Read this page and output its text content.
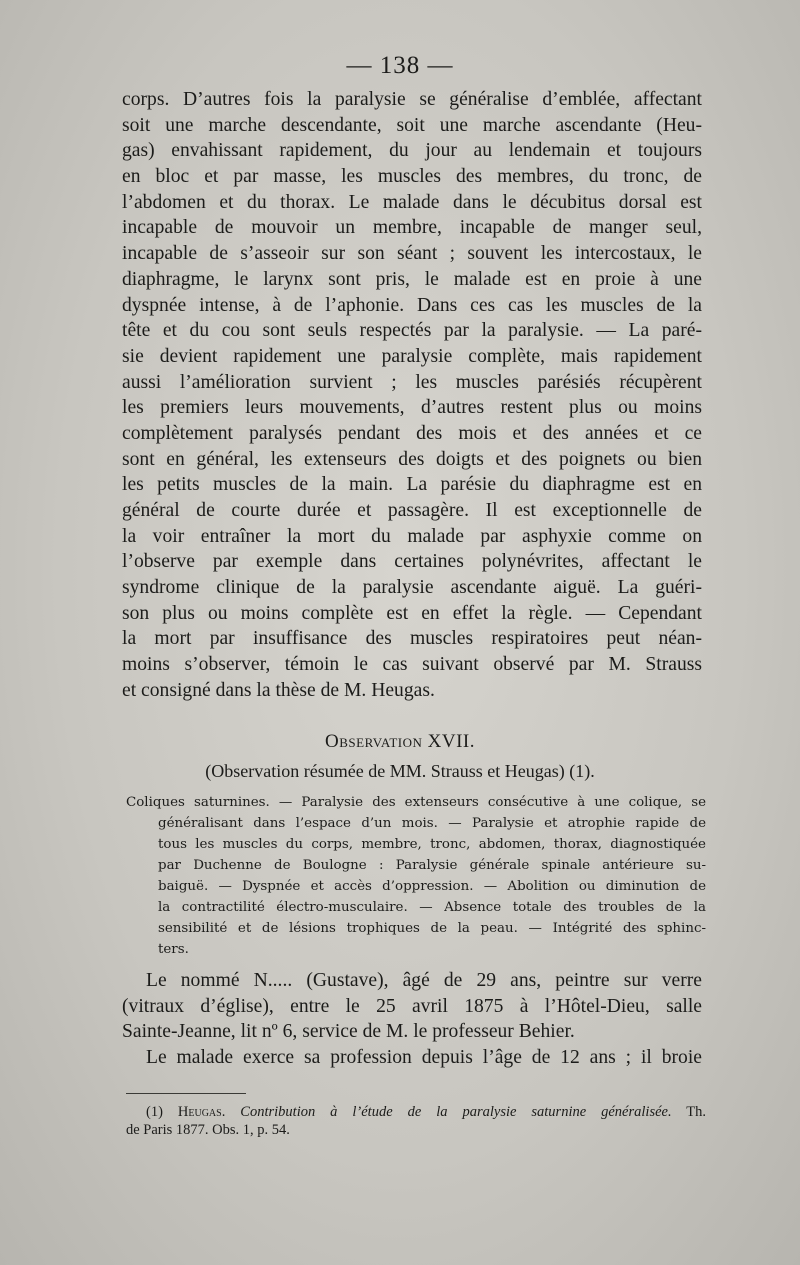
— 138 —
corps. D’autres fois la paralysie se généralise d’emblée, affectant
soit une marche descendante, soit une marche ascendante (Heu-
gas) envahissant rapidement, du jour au lendemain et toujours
en bloc et par masse, les muscles des membres, du tronc, de
l’abdomen et du thorax. Le malade dans le décubitus dorsal est
incapable de mouvoir un membre, incapable de manger seul,
incapable de s’asseoir sur son séant ; souvent les intercostaux, le
diaphragme, le larynx sont pris, le malade est en proie à une
dyspnée intense, à de l’aphonie. Dans ces cas les muscles de la
tête et du cou sont seuls respectés par la paralysie. — La paré-
sie devient rapidement une paralysie complète, mais rapidement
aussi l’amélioration survient ; les muscles parésiés récupèrent
les premiers leurs mouvements, d’autres restent plus ou moins
complètement paralysés pendant des mois et des années et ce
sont en général, les extenseurs des doigts et des poignets ou bien
les petits muscles de la main. La parésie du diaphragme est en
général de courte durée et passagère. Il est exceptionnelle de
la voir entraîner la mort du malade par asphyxie comme on
l’observe par exemple dans certaines polynévrites, affectant le
syndrome clinique de la paralysie ascendante aiguë. La guéri-
son plus ou moins complète est en effet la règle. — Cependant
la mort par insuffisance des muscles respiratoires peut néan-
moins s’observer, témoin le cas suivant observé par M. Strauss
et consigné dans la thèse de M. Heugas.
Observation XVII.
(Observation résumée de MM. Strauss et Heugas) (1).
Coliques saturnines. — Paralysie des extenseurs consécutive à une colique, se
généralisant dans l’espace d’un mois. — Paralysie et atrophie rapide de
tous les muscles du corps, membre, tronc, abdomen, thorax, diagnostiquée
par Duchenne de Boulogne : Paralysie générale spinale antérieure su-
baiguë. — Dyspnée et accès d’oppression. — Abolition ou diminution de
la contractilité électro-musculaire. — Absence totale des troubles de la
sensibilité et de lésions trophiques de la peau. — Intégrité des sphinc-
ters.
Le nommé N..... (Gustave), âgé de 29 ans, peintre sur verre
(vitraux d’église), entre le 25 avril 1875 à l’Hôtel-Dieu, salle
Sainte-Jeanne, lit nº 6, service de M. le professeur Behier.
Le malade exerce sa profession depuis l’âge de 12 ans ; il broie
(1) Heugas. Contribution à l’étude de la paralysie saturnine généralisée. Th.
de Paris 1877. Obs. 1, p. 54.
